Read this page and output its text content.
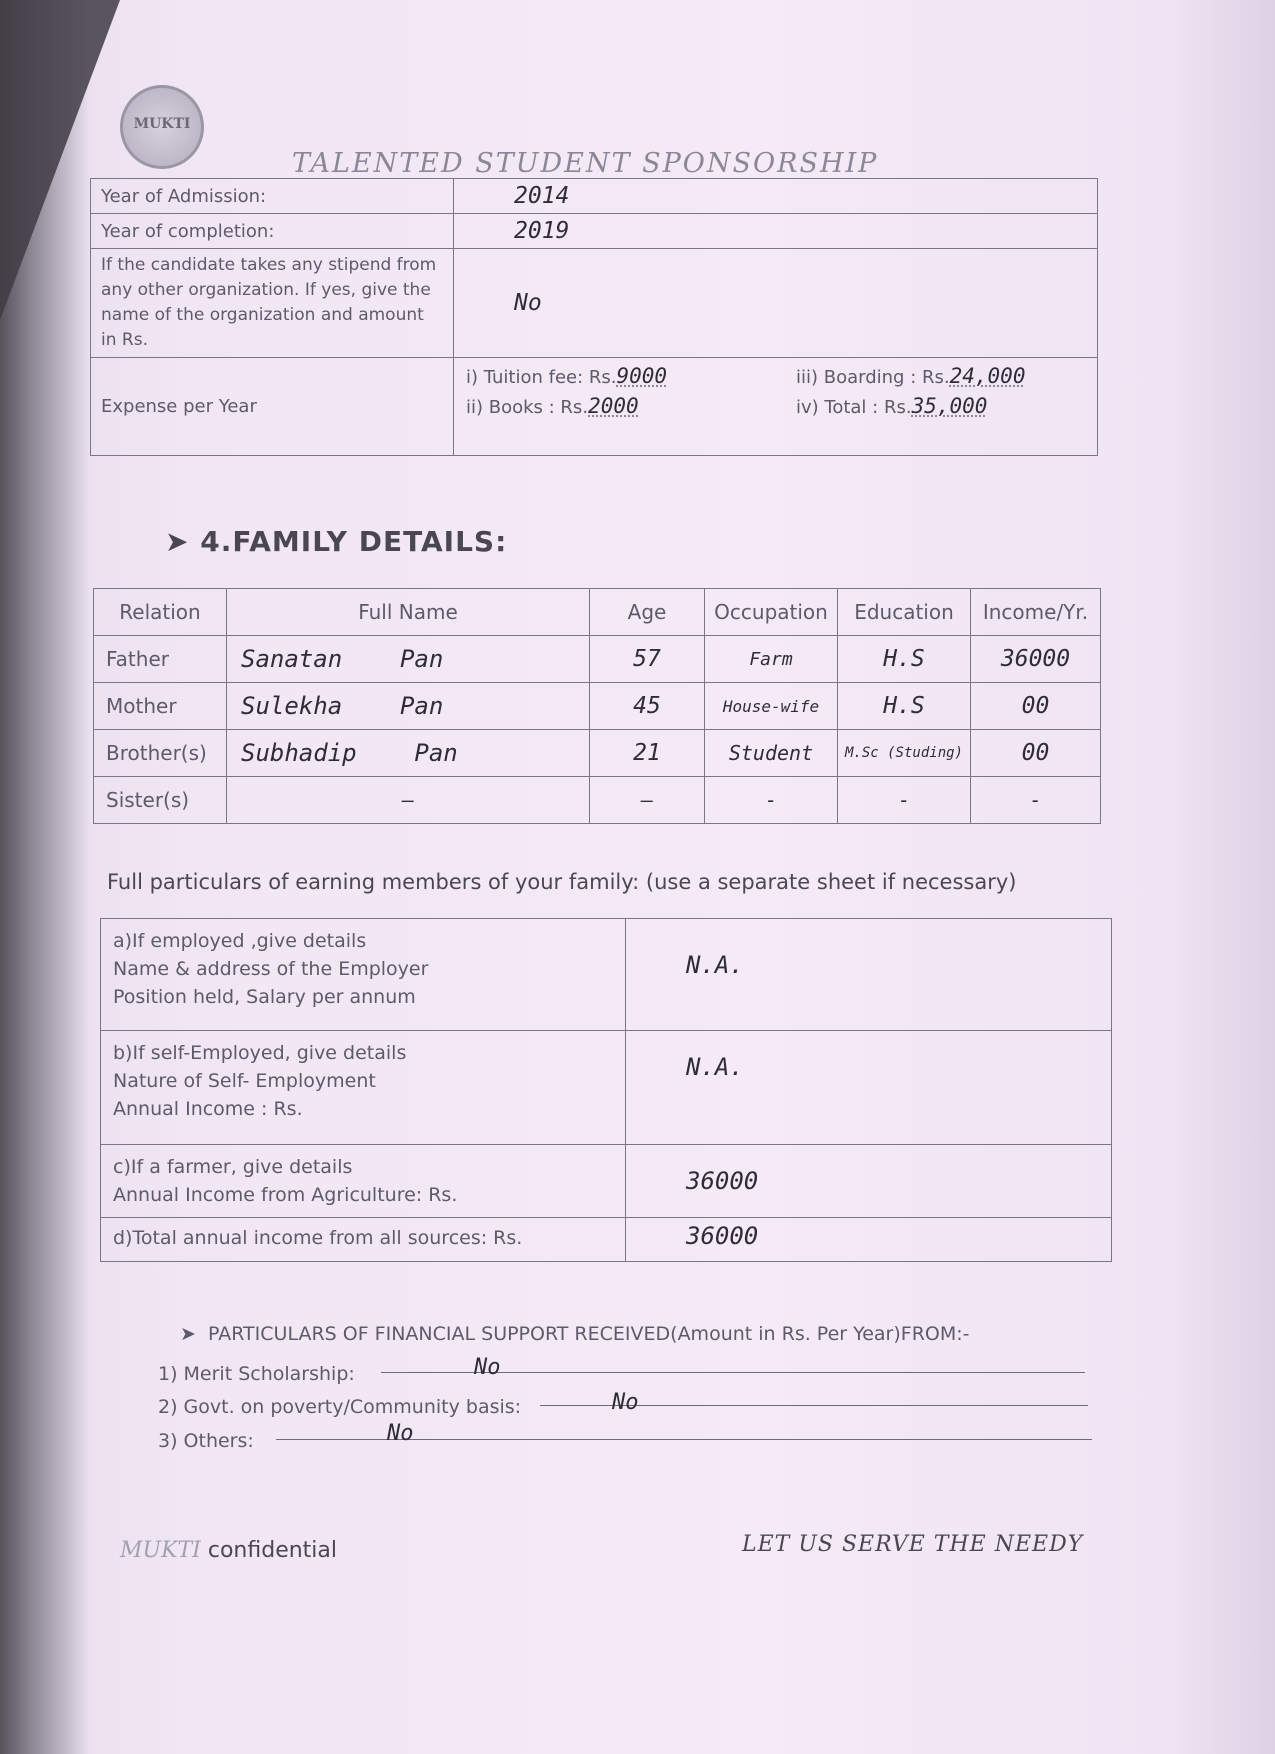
MUKTI
TALENTED STUDENT SPONSORSHIP
Year of Admission:	2014
Year of completion:	2019
If the candidate takes any stipend from any other organization. If yes, give the name of the organization and amount in Rs.	No
Expense per Year	i) Tuition fee: Rs.9000 iii) Boarding : Rs.24,000
ii) Books : Rs.2000 iv) Total : Rs.35,000
➤ 4.FAMILY DETAILS:
Relation	Full Name	Age	Occupation	Education	Income/Yr.
Father	Sanatan Pan	57	Farm	H.S	36000
Mother	Sulekha Pan	45	House-wife	H.S	00
Brother(s)	Subhadip Pan	21	Student	M.Sc (Studing)	00
Sister(s)	—	—	-	-	-
Full particulars of earning members of your family: (use a separate sheet if necessary)
a)If employed ,give details
Name & address of the Employer
Position held, Salary per annum	N.A.

b)If self-Employed, give details
Nature of Self- Employment
Annual Income : Rs.	N.A.

c)If a farmer, give details
Annual Income from Agriculture: Rs.	36000
d)Total annual income from all sources: Rs.	36000
➤  PARTICULARS OF FINANCIAL SUPPORT RECEIVED(Amount in Rs. Per Year)FROM:-
1) Merit Scholarship:	No
2) Govt. on poverty/Community basis:	No
3) Others:	No
MUKTI confidential	LET US SERVE THE NEEDY
